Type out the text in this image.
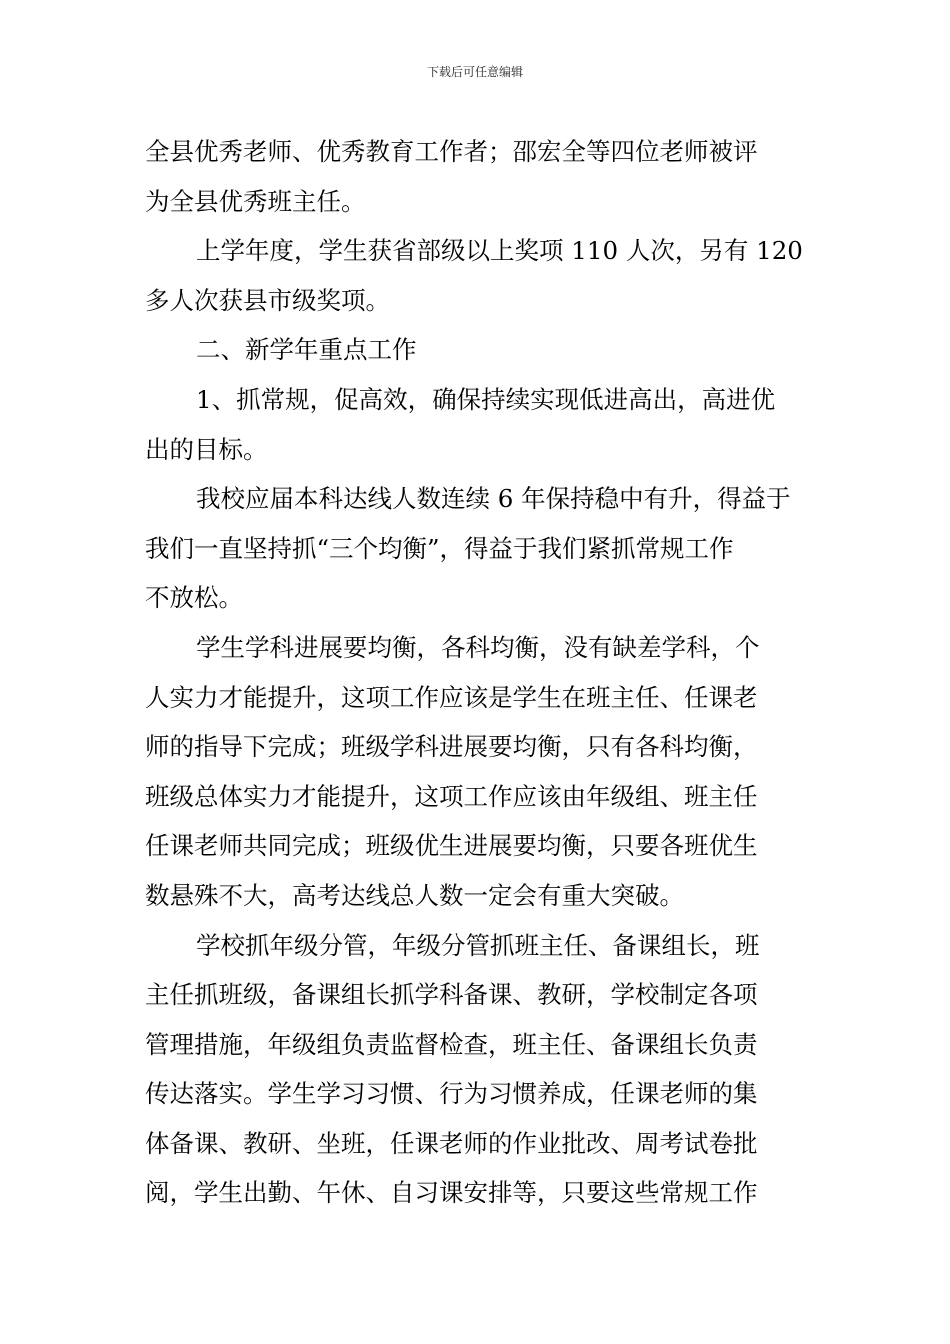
下载后可任意编辑
全县优秀老师、优秀教育工作者；邵宏全等四位老师被评
为全县优秀班主任。
上学年度，学生获省部级以上奖项 110 人次，另有 120
多人次获县市级奖项。
二、新学年重点工作
1、抓常规，促高效，确保持续实现低进高出，高进优
出的目标。
我校应届本科达线人数连续 6 年保持稳中有升，得益于
我们一直坚持抓“三个均衡”，得益于我们紧抓常规工作
不放松。
学生学科进展要均衡，各科均衡，没有缺差学科，个
人实力才能提升，这项工作应该是学生在班主任、任课老
师的指导下完成；班级学科进展要均衡，只有各科均衡，
班级总体实力才能提升，这项工作应该由年级组、班主任
任课老师共同完成；班级优生进展要均衡，只要各班优生
数悬殊不大，高考达线总人数一定会有重大突破。
学校抓年级分管，年级分管抓班主任、备课组长，班
主任抓班级，备课组长抓学科备课、教研，学校制定各项
管理措施，年级组负责监督检查，班主任、备课组长负责
传达落实。学生学习习惯、行为习惯养成，任课老师的集
体备课、教研、坐班，任课老师的作业批改、周考试卷批
阅，学生出勤、午休、自习课安排等，只要这些常规工作
